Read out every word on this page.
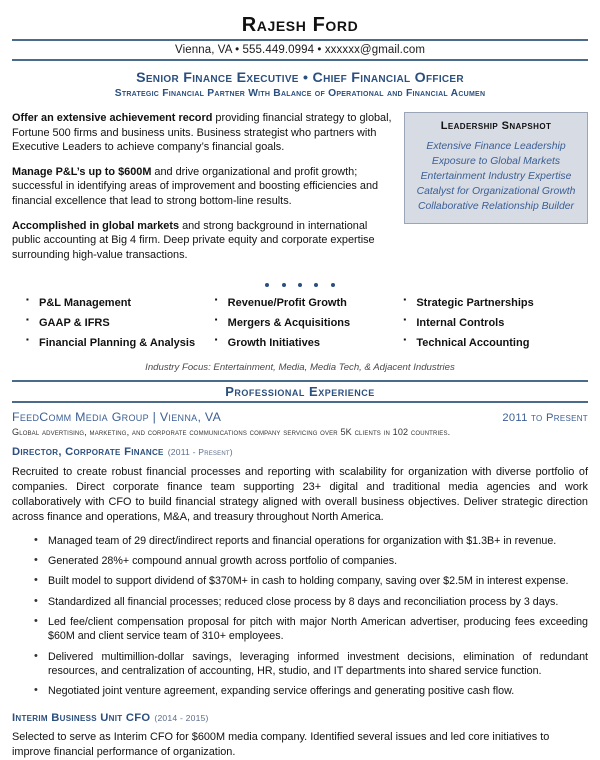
Rajesh Ford
Vienna, VA • 555.449.0994 • xxxxxx@gmail.com
Senior Finance Executive • Chief Financial Officer
Strategic Financial Partner With Balance of Operational and Financial Acumen

Offer an extensive achievement record providing financial strategy to global, Fortune 500 firms and business units. Business strategist who partners with Executive Leaders to achieve company’s financial goals.

Manage P&L’s up to $600M and drive organizational and profit growth; successful in identifying areas of improvement and boosting efficiencies and financial excellence that lead to strong bottom-line results.

Accomplished in global markets and strong background in international public accounting at Big 4 firm. Deep private equity and corporate expertise surrounding high-value transactions.

Leadership Snapshot
Extensive Finance Leadership
Exposure to Global Markets
Entertainment Industry Expertise
Catalyst for Organizational Growth
Collaborative Relationship Builder

▪ P&L Management
▪ GAAP & IFRS
▪ Financial Planning & Analysis
▪ Revenue/Profit Growth
▪ Mergers & Acquisitions
▪ Growth Initiatives
▪ Strategic Partnerships
▪ Internal Controls
▪ Technical Accounting
Industry Focus: Entertainment, Media, Media Tech, & Adjacent Industries
Professional Experience
FeedComm Media Group | Vienna, VA	2011 to Present
Global advertising, marketing, and corporate communications company servicing over 5K clients in 102 countries.
Director, Corporate Finance (2011 - Present)
Recruited to create robust financial processes and reporting with scalability for organization with diverse portfolio of companies. Direct corporate finance team supporting 23+ digital and traditional media agencies and work collaboratively with CFO to build financial strategy aligned with overall business objectives. Deliver strategic direction across finance and operations, M&A, and treasury throughout North America.
• Managed team of 29 direct/indirect reports and financial operations for organization with $1.3B+ in revenue.
• Generated 28%+ compound annual growth across portfolio of companies.
• Built model to support dividend of $370M+ in cash to holding company, saving over $2.5M in interest expense.
• Standardized all financial processes; reduced close process by 8 days and reconciliation process by 3 days.
• Led fee/client compensation proposal for pitch with major North American advertiser, producing fees exceeding $60M and client service team of 310+ employees.
• Delivered multimillion-dollar savings, leveraging informed investment decisions, elimination of redundant resources, and centralization of accounting, HR, studio, and IT departments into shared service function.
• Negotiated joint venture agreement, expanding service offerings and generating positive cash flow.
Interim Business Unit CFO (2014 - 2015)
Selected to serve as Interim CFO for $600M media company. Identified several issues and led core initiatives to improve financial performance of organization.
